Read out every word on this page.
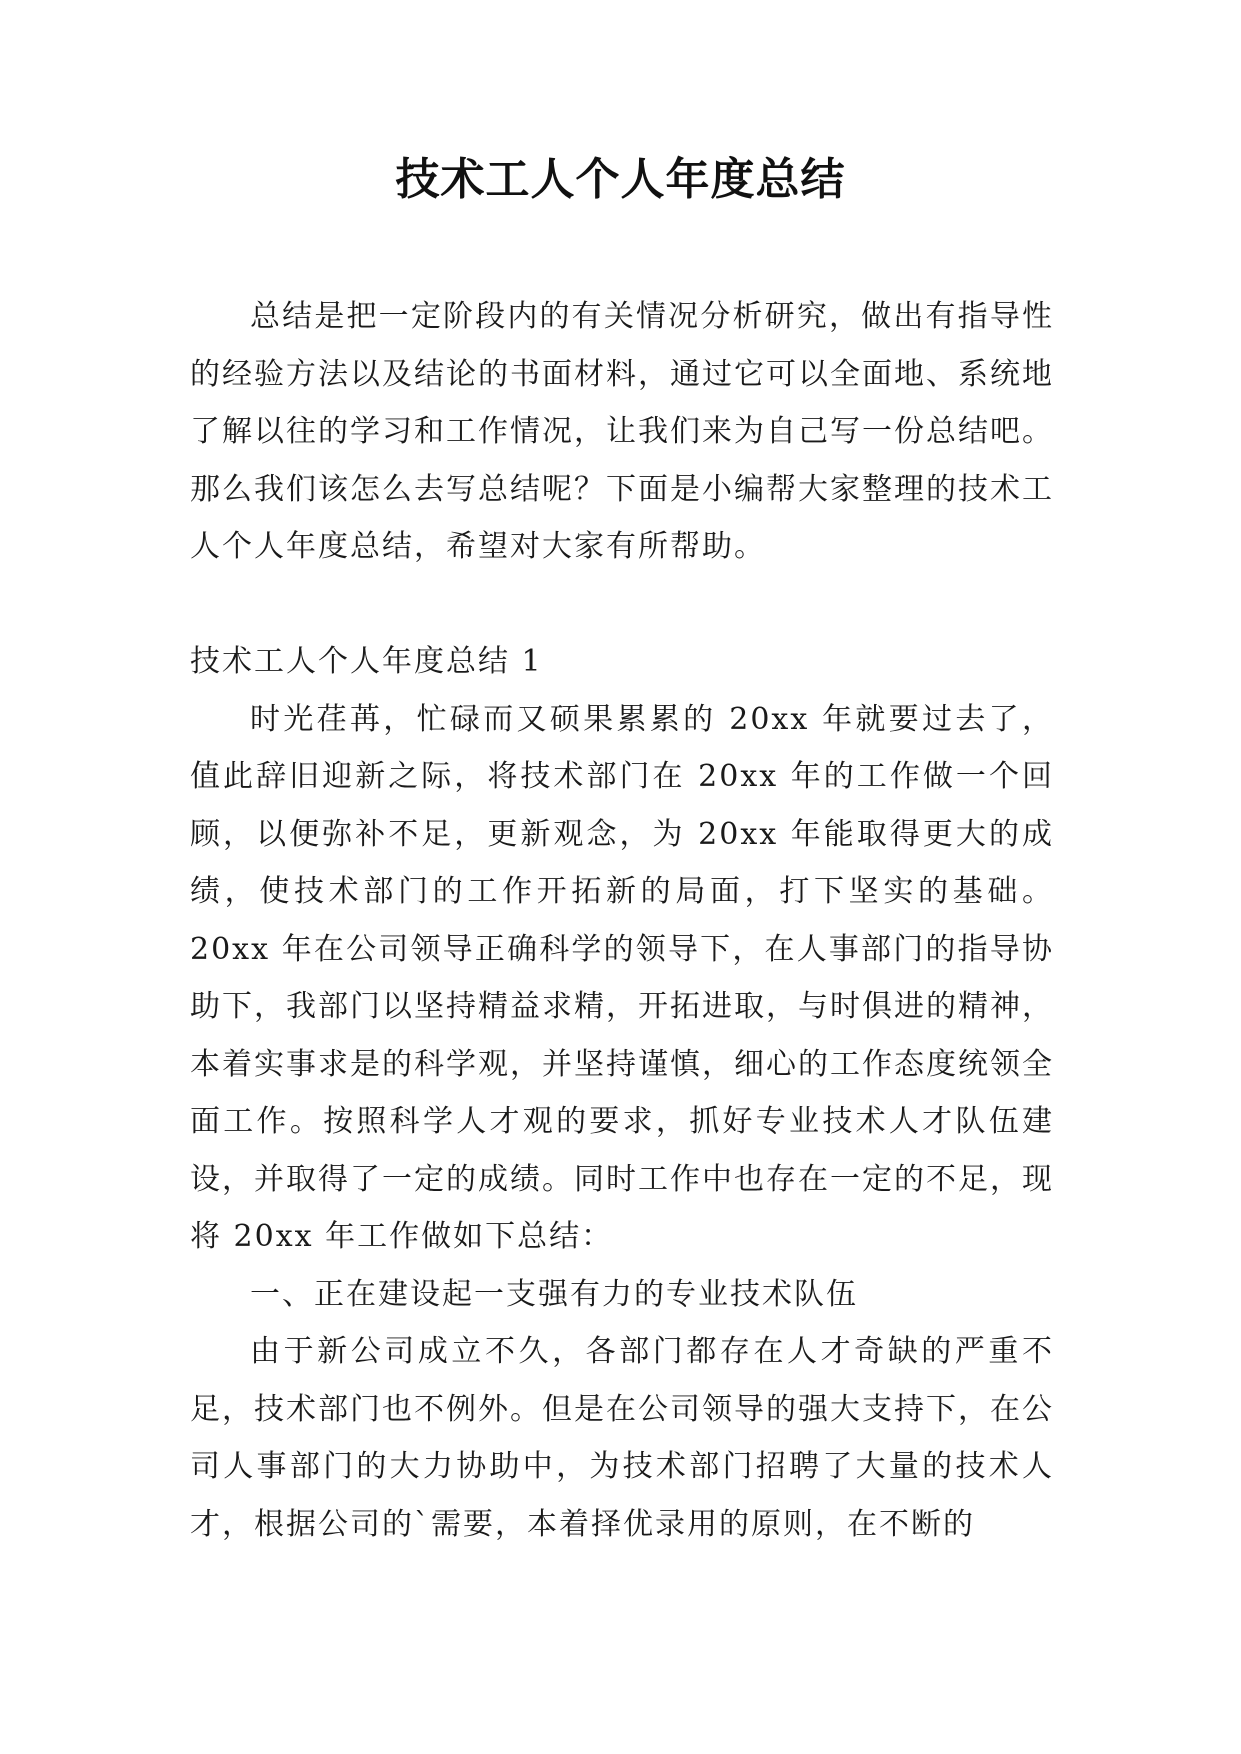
技术工人个人年度总结

总结是把一定阶段内的有关情况分析研究，做出有指导性的经验方法以及结论的书面材料，通过它可以全面地、系统地了解以往的学习和工作情况，让我们来为自己写一份总结吧。那么我们该怎么去写总结呢？下面是小编帮大家整理的技术工人个人年度总结，希望对大家有所帮助。

技术工人个人年度总结 1

时光荏苒，忙碌而又硕果累累的 20xx 年就要过去了，值此辞旧迎新之际，将技术部门在 20xx 年的工作做一个回顾，以便弥补不足，更新观念，为 20xx 年能取得更大的成绩，使技术部门的工作开拓新的局面，打下坚实的基础。20xx 年在公司领导正确科学的领导下，在人事部门的指导协助下，我部门以坚持精益求精，开拓进取，与时俱进的精神，本着实事求是的科学观，并坚持谨慎，细心的工作态度统领全面工作。按照科学人才观的要求，抓好专业技术人才队伍建设，并取得了一定的成绩。同时工作中也存在一定的不足，现将 20xx 年工作做如下总结：

一、正在建设起一支强有力的专业技术队伍

由于新公司成立不久，各部门都存在人才奇缺的严重不足，技术部门也不例外。但是在公司领导的强大支持下，在公司人事部门的大力协助中，为技术部门招聘了大量的技术人才，根据公司的`需要，本着择优录用的原则，在不断的
